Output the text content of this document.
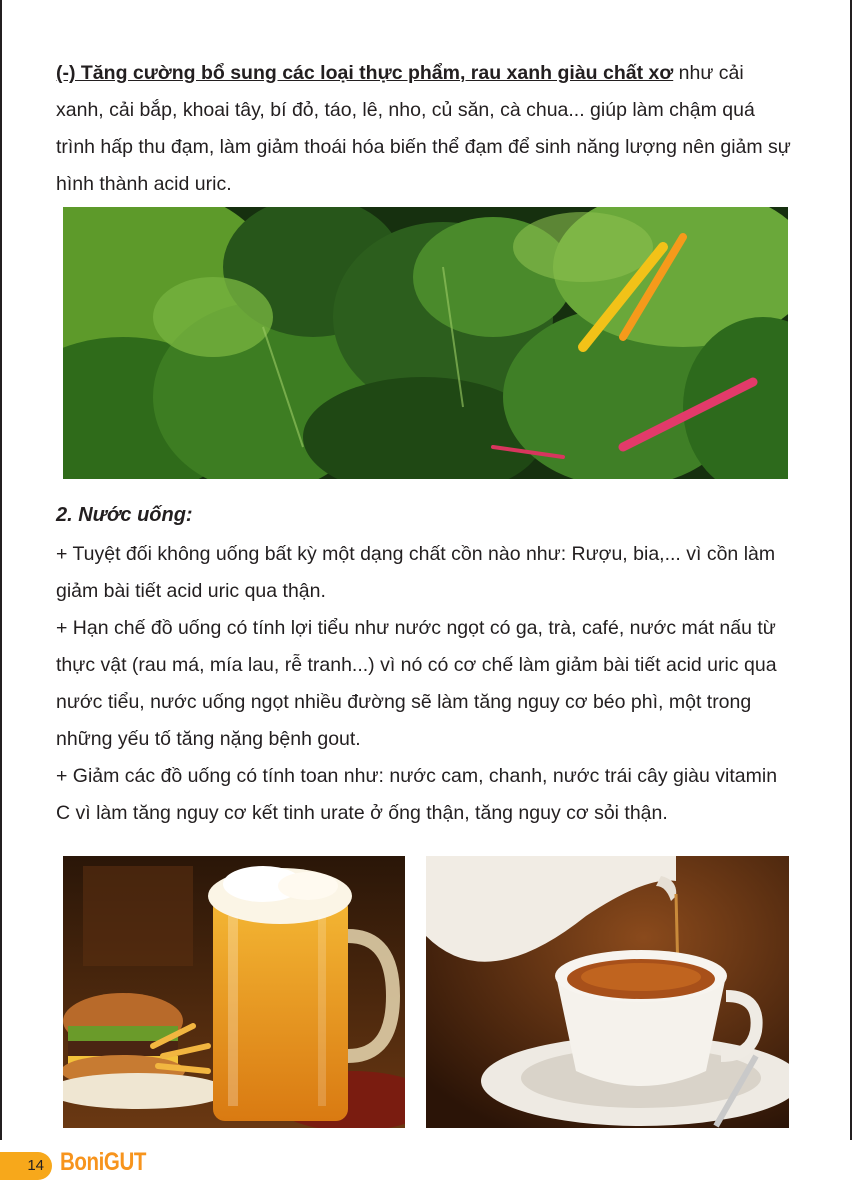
(-) Tăng cường bổ sung các loại thực phẩm, rau xanh giàu chất xơ như cải xanh, cải bắp, khoai tây, bí đỏ, táo, lê, nho, củ săn, cà chua... giúp làm chậm quá trình hấp thu đạm, làm giảm thoái hóa biến thể đạm để sinh năng lượng nên giảm sự hình thành acid uric.

2. Nước uống:

+ Tuyệt đối không uống bất kỳ một dạng chất cồn nào như: Rượu, bia,... vì cồn làm giảm bài tiết acid uric qua thận.
+ Hạn chế đồ uống có tính lợi tiểu như nước ngọt có ga, trà, café, nước mát nấu từ thực vật (rau má, mía lau, rễ tranh...) vì nó có cơ chế làm giảm bài tiết acid uric qua nước tiểu, nước uống ngọt nhiều đường sẽ làm tăng nguy cơ béo phì, một trong những yếu tố tăng nặng bệnh gout.
+ Giảm các đồ uống có tính toan như: nước cam, chanh, nước trái cây giàu vitamin C vì làm tăng nguy cơ kết tinh urate ở ống thận, tăng nguy cơ sỏi thận.
14 BoniGUT
